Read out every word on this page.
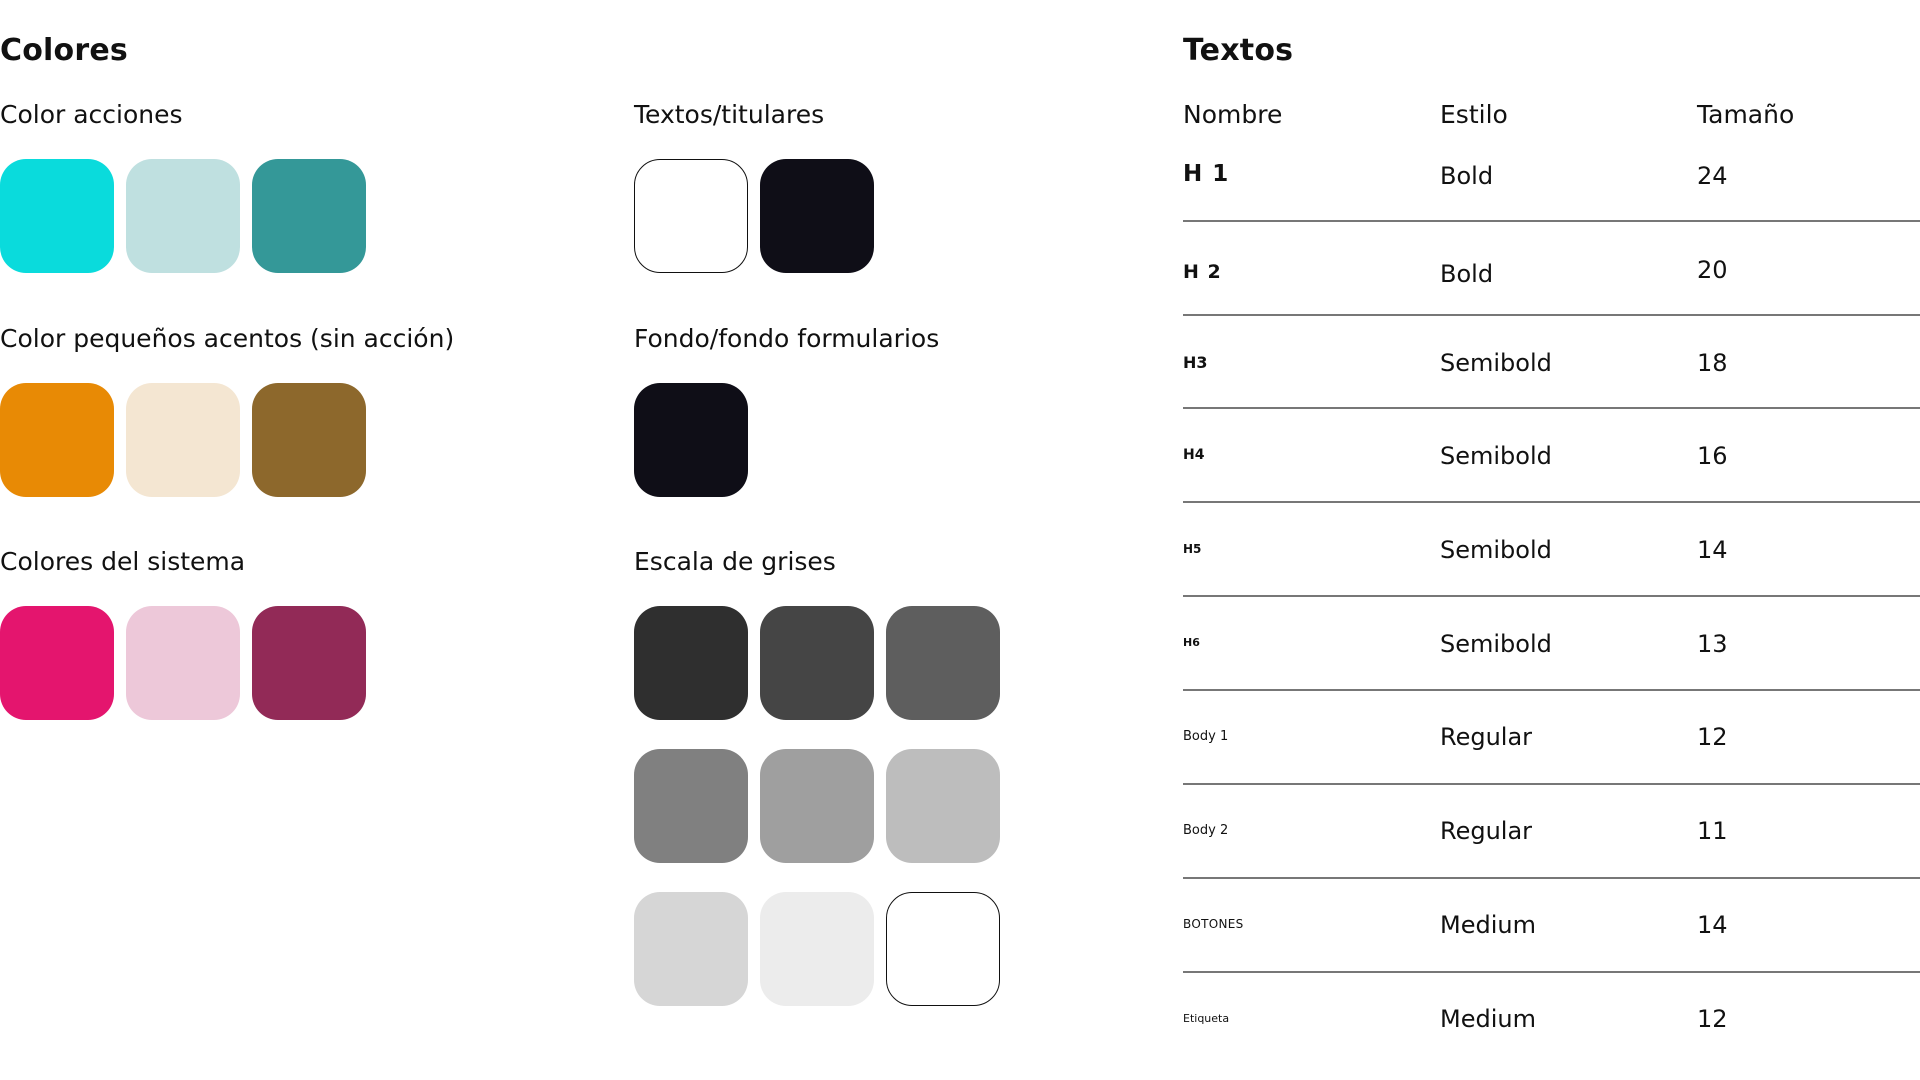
Colores
Color acciones
Color pequeños acentos (sin acción)
Colores del sistema
Textos/titulares
Fondo/fondo formularios
Escala de grises
Textos
Nombre	Estilo	Tamaño
H 1	Bold	24
H 2	Bold	20
H3	Semibold	18
H4	Semibold	16
H5	Semibold	14
H6	Semibold	13
Body 1	Regular	12
Body 2	Regular	11
BOTONES	Medium	14
Etiqueta	Medium	12
